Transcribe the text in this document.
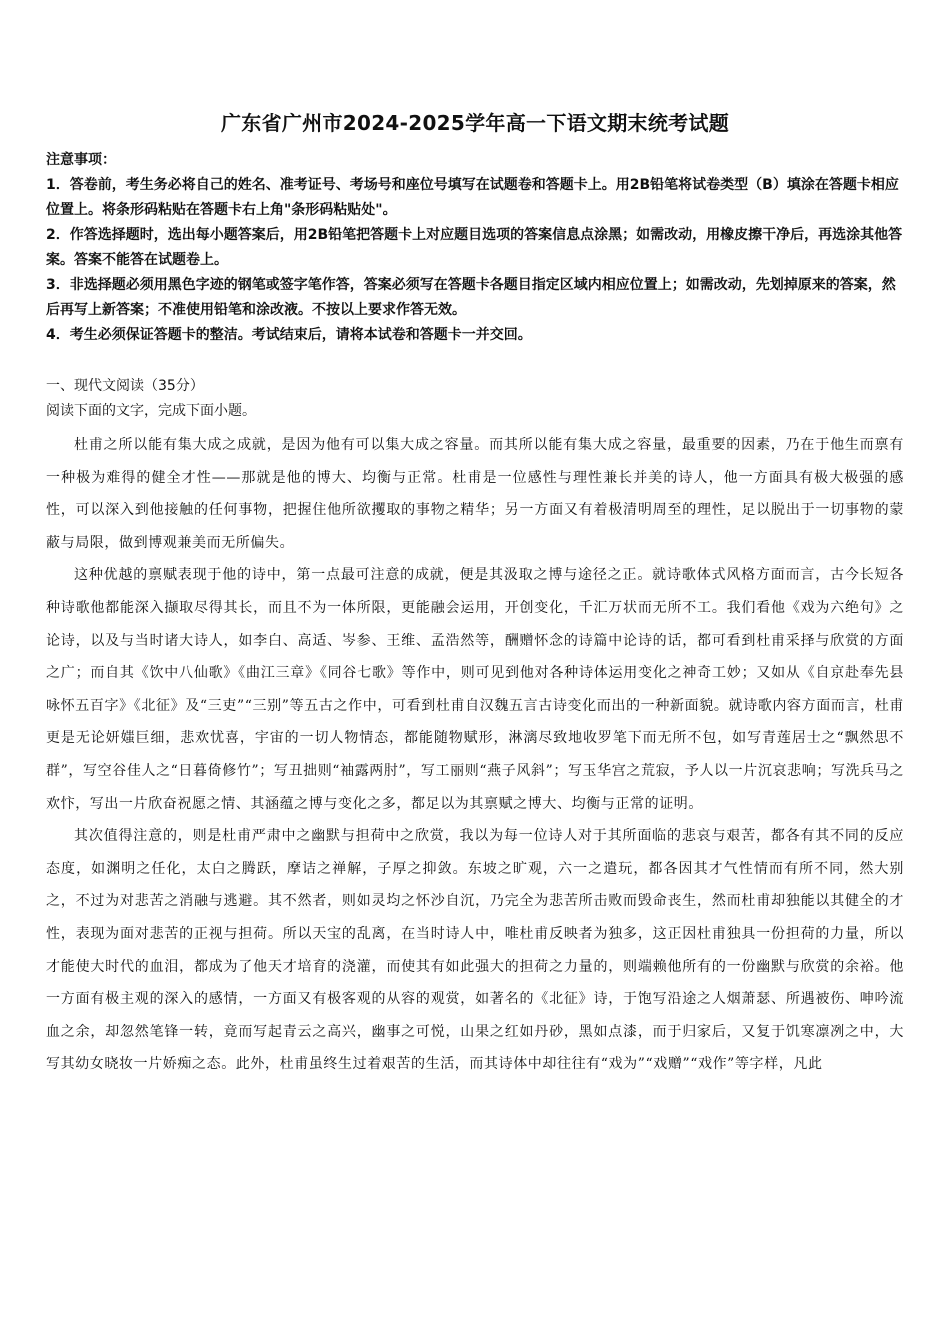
广东省广州市2024-2025学年高一下语文期末统考试题

注意事项：

1．答卷前，考生务必将自己的姓名、准考证号、考场号和座位号填写在试题卷和答题卡上。用2B铅笔将试卷类型（B）填涂在答题卡相应位置上。将条形码粘贴在答题卡右上角"条形码粘贴处"。

2．作答选择题时，选出每小题答案后，用2B铅笔把答题卡上对应题目选项的答案信息点涂黑；如需改动，用橡皮擦干净后，再选涂其他答案。答案不能答在试题卷上。

3．非选择题必须用黑色字迹的钢笔或签字笔作答，答案必须写在答题卡各题目指定区域内相应位置上；如需改动，先划掉原来的答案，然后再写上新答案；不准使用铅笔和涂改液。不按以上要求作答无效。

4．考生必须保证答题卡的整洁。考试结束后，请将本试卷和答题卡一并交回。

一、现代文阅读（35分）
阅读下面的文字，完成下面小题。

杜甫之所以能有集大成之成就，是因为他有可以集大成之容量。而其所以能有集大成之容量，最重要的因素，乃在于他生而禀有一种极为难得的健全才性——那就是他的博大、均衡与正常。杜甫是一位感性与理性兼长并美的诗人，他一方面具有极大极强的感性，可以深入到他接触的任何事物，把握住他所欲攫取的事物之精华；另一方面又有着极清明周至的理性，足以脱出于一切事物的蒙蔽与局限，做到博观兼美而无所偏失。

这种优越的禀赋表现于他的诗中，第一点最可注意的成就，便是其汲取之博与途径之正。就诗歌体式风格方面而言，古今长短各种诗歌他都能深入撷取尽得其长，而且不为一体所限，更能融会运用，开创变化，千汇万状而无所不工。我们看他《戏为六绝句》之论诗，以及与当时诸大诗人，如李白、高适、岑参、王维、孟浩然等，酬赠怀念的诗篇中论诗的话，都可看到杜甫采择与欣赏的方面之广；而自其《饮中八仙歌》《曲江三章》《同谷七歌》等作中，则可见到他对各种诗体运用变化之神奇工妙；又如从《自京赴奉先县咏怀五百字》《北征》及“三吏”“三别”等五古之作中，可看到杜甫自汉魏五言古诗变化而出的一种新面貌。就诗歌内容方面而言，杜甫更是无论妍媸巨细，悲欢忧喜，宇宙的一切人物情态，都能随物赋形，淋漓尽致地收罗笔下而无所不包，如写青莲居士之“飘然思不群”，写空谷佳人之“日暮倚修竹”；写丑拙则“袖露两肘”，写工丽则“燕子风斜”；写玉华宫之荒寂，予人以一片沉哀悲响；写洗兵马之欢忭，写出一片欣奋祝愿之情、其涵蕴之博与变化之多，都足以为其禀赋之博大、均衡与正常的证明。

其次值得注意的，则是杜甫严肃中之幽默与担荷中之欣赏，我以为每一位诗人对于其所面临的悲哀与艰苦，都各有其不同的反应态度，如渊明之任化，太白之腾跃，摩诘之禅解，子厚之抑敛。东坡之旷观，六一之遣玩，都各因其才气性情而有所不同，然大别之，不过为对悲苦之消融与逃避。其不然者，则如灵均之怀沙自沉，乃完全为悲苦所击败而毁命丧生，然而杜甫却独能以其健全的才性，表现为面对悲苦的正视与担荷。所以天宝的乱离，在当时诗人中，唯杜甫反映者为独多，这正因杜甫独具一份担荷的力量，所以才能使大时代的血泪，都成为了他天才培育的浇灌，而使其有如此强大的担荷之力量的，则端赖他所有的一份幽默与欣赏的余裕。他一方面有极主观的深入的感情，一方面又有极客观的从容的观赏，如著名的《北征》诗，于饱写沿途之人烟萧瑟、所遇被伤、呻吟流血之余，却忽然笔锋一转，竟而写起青云之高兴，幽事之可悦，山果之红如丹砂，黑如点漆，而于归家后，又复于饥寒凛冽之中，大写其幼女晓妆一片娇痴之态。此外，杜甫虽终生过着艰苦的生活，而其诗体中却往往有“戏为”“戏赠”“戏作”等字样，凡此
